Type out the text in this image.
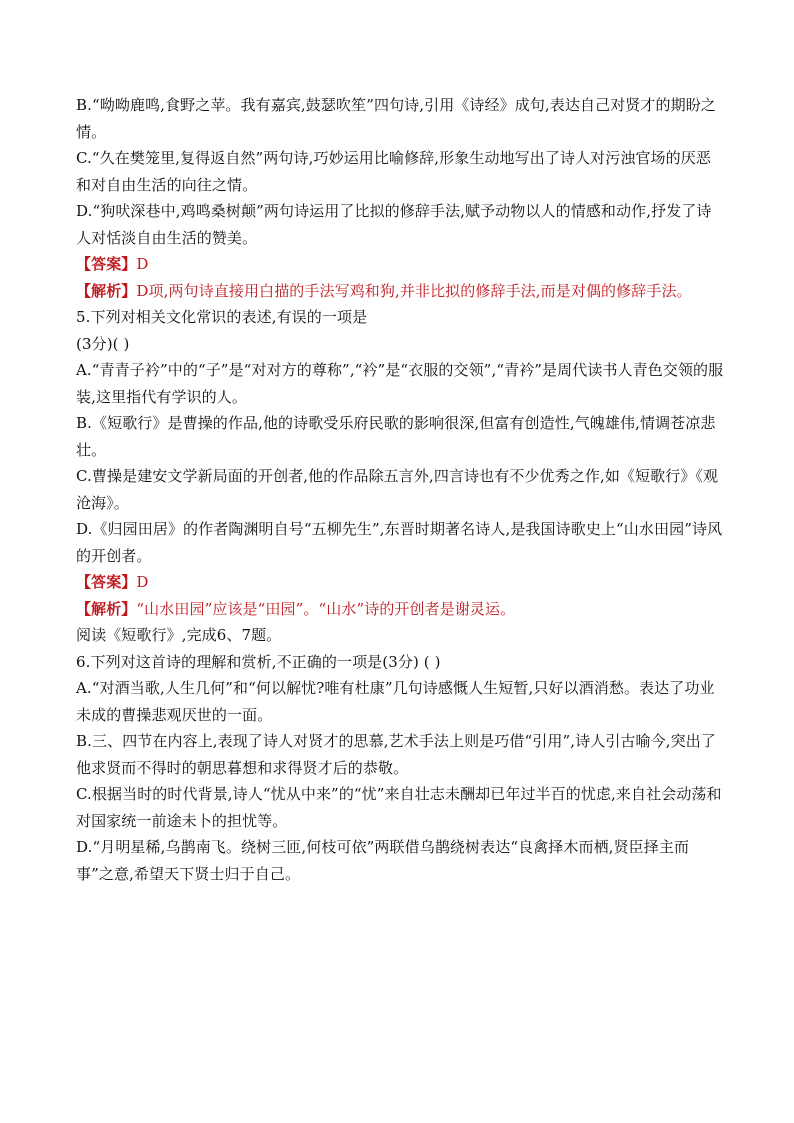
B.“呦呦鹿鸣,食野之苹。我有嘉宾,鼓瑟吹笙”四句诗,引用《诗经》成句,表达自己对贤才的期盼之情。

C.“久在樊笼里,复得返自然”两句诗,巧妙运用比喻修辞,形象生动地写出了诗人对污浊官场的厌恶和对自由生活的向往之情。

D.“狗吠深巷中,鸡鸣桑树颠”两句诗运用了比拟的修辞手法,赋予动物以人的情感和动作,抒发了诗人对恬淡自由生活的赞美。

【答案】D

【解析】D项,两句诗直接用白描的手法写鸡和狗,并非比拟的修辞手法,而是对偶的修辞手法。

5.下列对相关文化常识的表述,有误的一项是

(3分)( )

A.“青青子衿”中的“子”是“对对方的尊称”,“衿”是“衣服的交领”,“青衿”是周代读书人青色交领的服装,这里指代有学识的人。

B.《短歌行》是曹操的作品,他的诗歌受乐府民歌的影响很深,但富有创造性,气魄雄伟,情调苍凉悲壮。

C.曹操是建安文学新局面的开创者,他的作品除五言外,四言诗也有不少优秀之作,如《短歌行》《观沧海》。

D.《归园田居》的作者陶渊明自号“五柳先生”,东晋时期著名诗人,是我国诗歌史上“山水田园”诗风的开创者。

【答案】D

【解析】“山水田园”应该是“田园”。“山水”诗的开创者是谢灵运。

阅读《短歌行》,完成6、7题。

6.下列对这首诗的理解和赏析,不正确的一项是(3分) ( )

A.“对酒当歌,人生几何”和“何以解忧?唯有杜康”几句诗感慨人生短暂,只好以酒消愁。表达了功业未成的曹操悲观厌世的一面。

B.三、四节在内容上,表现了诗人对贤才的思慕,艺术手法上则是巧借“引用”,诗人引古喻今,突出了他求贤而不得时的朝思暮想和求得贤才后的恭敬。

C.根据当时的时代背景,诗人“忧从中来”的“忧”来自壮志未酬却已年过半百的忧虑,来自社会动荡和对国家统一前途未卜的担忧等。

D.“月明星稀,乌鹊南飞。绕树三匝,何枝可依”两联借乌鹊绕树表达“良禽择木而栖,贤臣择主而事”之意,希望天下贤士归于自己。
